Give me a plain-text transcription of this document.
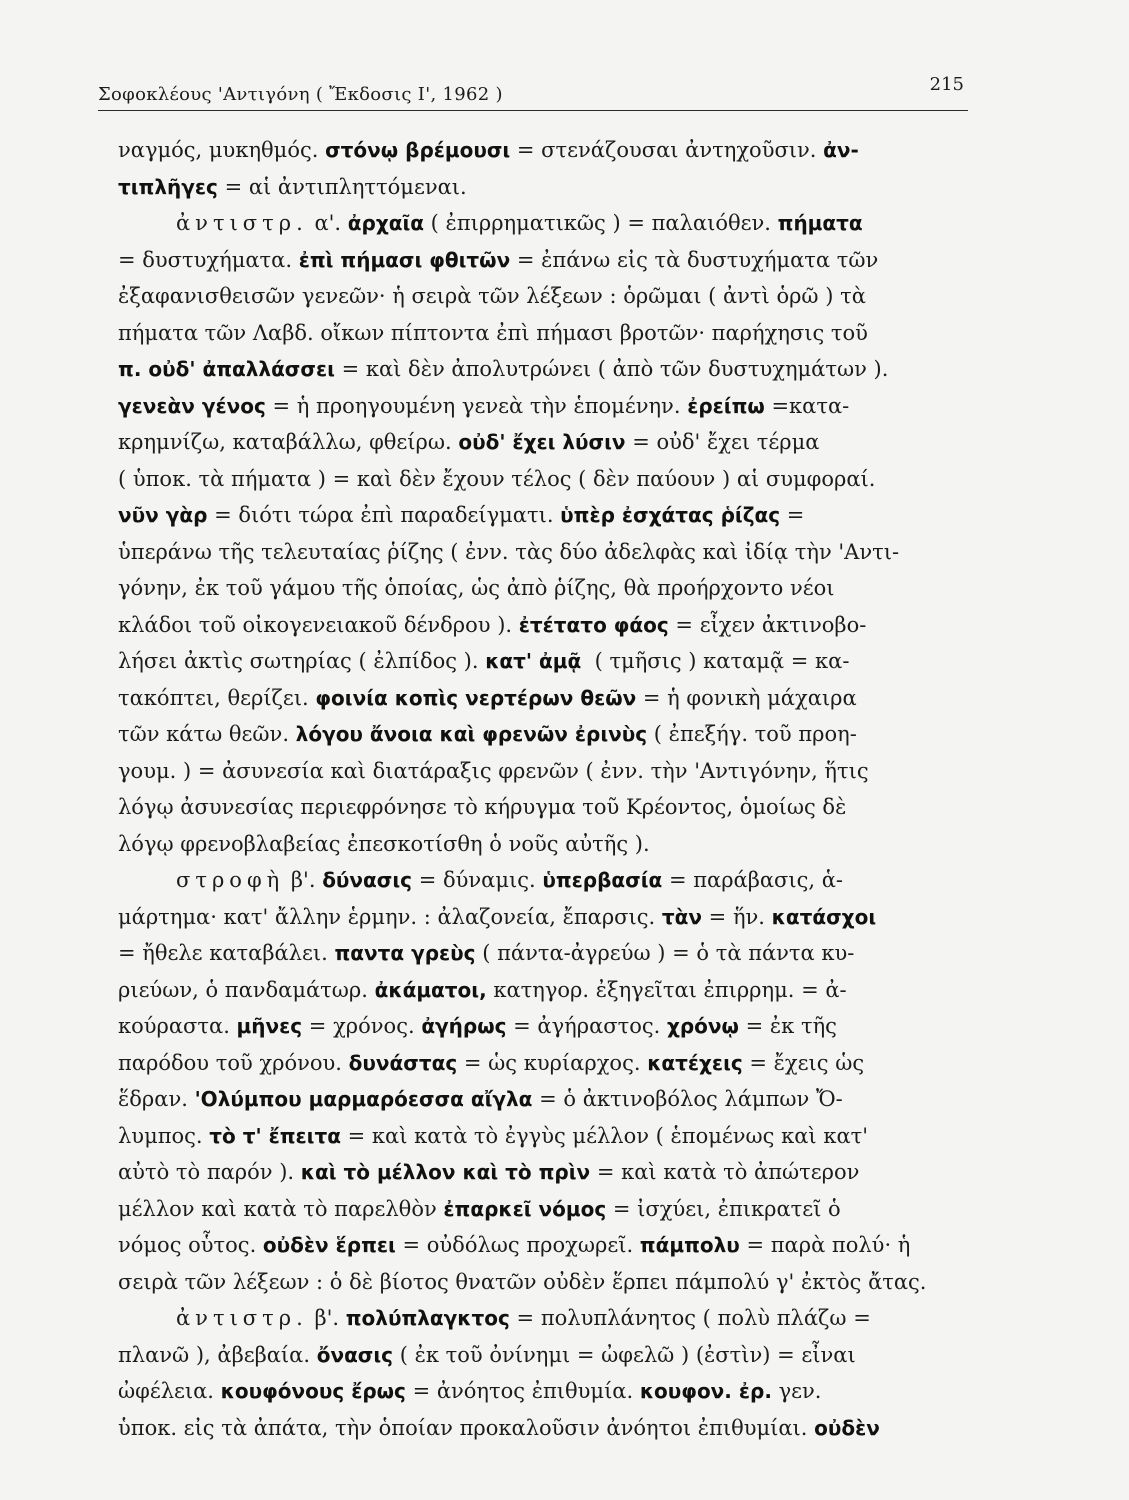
Σοφοκλέους 'Αντιγόνη ( Ἔκδοσις Ι', 1962 )	215
ναγμός, μυκηθμός. στόνῳ βρέμουσι = στενάζουσαι ἀντηχοῦσιν. ἀν-
τιπλῆγες = αἱ ἀντιπληττόμεναι.
ἀντιστρ. α'. ἀρχαῖα ( ἐπιρρηματικῶς ) = παλαιόθεν. πήματα
= δυστυχήματα. ἐπὶ πήμασι φθιτῶν = ἐπάνω εἰς τὰ δυστυχήματα τῶν
ἐξαφανισθεισῶν γενεῶν· ἡ σειρὰ τῶν λέξεων : ὁρῶμαι ( ἀντὶ ὁρῶ ) τὰ
πήματα τῶν Λαβδ. οἴκων πίπτοντα ἐπὶ πήμασι βροτῶν· παρήχησις τοῦ
π. οὐδ' ἀπαλλάσσει = καὶ δὲν ἀπολυτρώνει ( ἀπὸ τῶν δυστυχημάτων ).
γενεὰν γένος = ἡ προηγουμένη γενεὰ τὴν ἑπομένην. ἐρείπω =κατα-
κρημνίζω, καταβάλλω, φθείρω. οὐδ' ἔχει λύσιν = οὐδ' ἔχει τέρμα
( ὑποκ. τὰ πήματα ) = καὶ δὲν ἔχουν τέλος ( δὲν παύουν ) αἱ συμφοραί.
νῦν γὰρ = διότι τώρα ἐπὶ παραδείγματι. ὑπὲρ ἐσχάτας ῥίζας =
ὑπεράνω τῆς τελευταίας ῥίζης ( ἐνν. τὰς δύο ἀδελφὰς καὶ ἰδίᾳ τὴν 'Αντι-
γόνην, ἐκ τοῦ γάμου τῆς ὁποίας, ὡς ἀπὸ ῥίζης, θὰ προήρχοντο νέοι
κλάδοι τοῦ οἰκογενειακοῦ δένδρου ). ἐτέτατο φάος = εἶχεν ἀκτινοβο-
λήσει ἀκτὶς σωτηρίας ( ἐλπίδος ). κατ' ἀμᾷ  ( τμῆσις ) καταμᾷ = κα-
τακόπτει, θερίζει. φοινία κοπὶς νερτέρων θεῶν = ἡ φονικὴ μάχαιρα
τῶν κάτω θεῶν. λόγου ἄνοια καὶ φρενῶν ἐρινὺς ( ἐπεξήγ. τοῦ προη-
γουμ. ) = ἀσυνεσία καὶ διατάραξις φρενῶν ( ἐνν. τὴν 'Αντιγόνην, ἥτις
λόγῳ ἀσυνεσίας περιεφρόνησε τὸ κήρυγμα τοῦ Κρέοντος, ὁμοίως δὲ
λόγῳ φρενοβλαβείας ἐπεσκοτίσθη ὁ νοῦς αὐτῆς ).
στροφὴ β'. δύνασις = δύναμις. ὑπερβασία = παράβασις, ἁ-
μάρτημα· κατ' ἄλλην ἑρμην. : ἀλαζονεία, ἔπαρσις. τὰν = ἥν. κατάσχοι
= ἤθελε καταβάλει. παντα γρεὺς ( πάντα-ἀγρεύω ) = ὁ τὰ πάντα κυ-
ριεύων, ὁ πανδαμάτωρ. ἀκάματοι, κατηγορ. ἐξηγεῖται ἐπιρρημ. = ἀ-
κούραστα. μῆνες = χρόνος. ἀγήρως = ἀγήραστος. χρόνῳ = ἐκ τῆς
παρόδου τοῦ χρόνου. δυνάστας = ὡς κυρίαρχος. κατέχεις = ἔχεις ὡς
ἕδραν. 'Ολύμπου μαρμαρόεσσα αἴγλα = ὁ ἀκτινοβόλος λάμπων Ὄ-
λυμπος. τὸ τ' ἔπειτα = καὶ κατὰ τὸ ἐγγὺς μέλλον ( ἑπομένως καὶ κατ'
αὐτὸ τὸ παρόν ). καὶ τὸ μέλλον καὶ τὸ πρὶν = καὶ κατὰ τὸ ἀπώτερον
μέλλον καὶ κατὰ τὸ παρελθὸν ἐπαρκεῖ νόμος = ἰσχύει, ἐπικρατεῖ ὁ
νόμος οὗτος. οὐδὲν ἕρπει = οὐδόλως προχωρεῖ. πάμπολυ = παρὰ πολύ· ἡ
σειρὰ τῶν λέξεων : ὁ δὲ βίοτος θνατῶν οὐδὲν ἕρπει πάμπολύ γ' ἐκτὸς ἄτας.
ἀντιστρ. β'. πολύπλαγκτος = πολυπλάνητος ( πολὺ πλάζω =
πλανῶ ), ἀβεβαία. ὄνασις ( ἐκ τοῦ ὀνίνημι = ὠφελῶ ) (ἐστὶν) = εἶναι
ὠφέλεια. κουφόνους ἔρως = ἀνόητος ἐπιθυμία. κουφον. ἐρ. γεν.
ὑποκ. εἰς τὰ ἀπάτα, τὴν ὁποίαν προκαλοῦσιν ἀνόητοι ἐπιθυμίαι. οὐδὲν
